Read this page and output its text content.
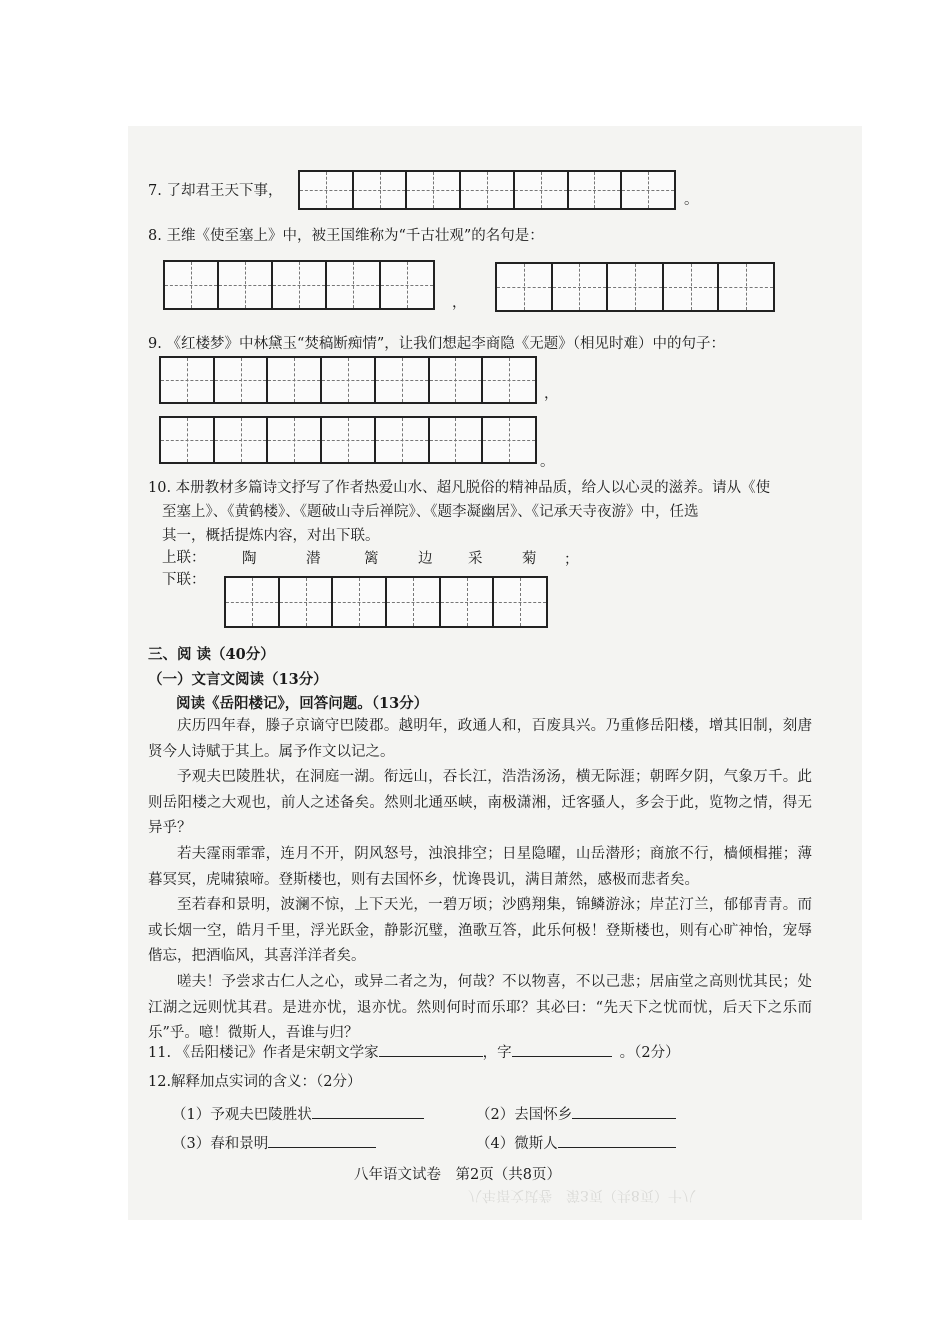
7. 了却君王天下事，
。
8. 王维《使至塞上》中，被王国维称为“千古壮观”的名句是：
，
9. 《红楼梦》中林黛玉“焚稿断痴情”，让我们想起李商隐《无题》（相见时难）中的句子：
，
。
10. 本册教材多篇诗文抒写了作者热爱山水、超凡脱俗的精神品质，给人以心灵的滋养。请从《使
至塞上》、《黄鹤楼》、《题破山寺后禅院》、《题李凝幽居》、《记承天寺夜游》中，任选
其一，概括提炼内容，对出下联。
上联：	陶	潜	篱	边 采	菊 ；
下联：
三、阅 读（40分）
（一）文言文阅读（13分）
阅读《岳阳楼记》，回答问题。（13分）

庆历四年春，滕子京谪守巴陵郡。越明年，政通人和，百废具兴。乃重修岳阳楼，增其旧制，刻唐贤今人诗赋于其上。属予作文以记之。

予观夫巴陵胜状，在洞庭一湖。衔远山，吞长江，浩浩汤汤，横无际涯；朝晖夕阴，气象万千。此则岳阳楼之大观也，前人之述备矣。然则北通巫峡，南极潇湘，迁客骚人，多会于此，览物之情，得无异乎？

若夫霪雨霏霏，连月不开，阴风怒号，浊浪排空；日星隐曜，山岳潜形；商旅不行，樯倾楫摧；薄暮冥冥，虎啸猿啼。登斯楼也，则有去国怀乡，忧谗畏讥，满目萧然，感极而悲者矣。

至若春和景明，波澜不惊，上下天光，一碧万顷；沙鸥翔集，锦鳞游泳；岸芷汀兰，郁郁青青。而或长烟一空，皓月千里，浮光跃金，静影沉璧，渔歌互答，此乐何极！登斯楼也，则有心旷神怡，宠辱偕忘，把酒临风，其喜洋洋者矣。

嗟夫！予尝求古仁人之心，或异二者之为，何哉？不以物喜，不以己悲；居庙堂之高则忧其民；处江湖之远则忧其君。是进亦忧，退亦忧。然则何时而乐耶？其必曰：“先天下之忧而忧，后天下之乐而乐”乎。噫！微斯人，吾谁与归？

11. 《岳阳楼记》作者是宋朝文学家	，字	。（2分）
12.解释加点实词的含义：（2分）
（1）予观夫巴陵胜状	（2）去国怀乡
（3）春和景明	（4）微斯人
八年语文试卷　第2页（共8页）
八年语文试卷　第3页（共8页）十八
